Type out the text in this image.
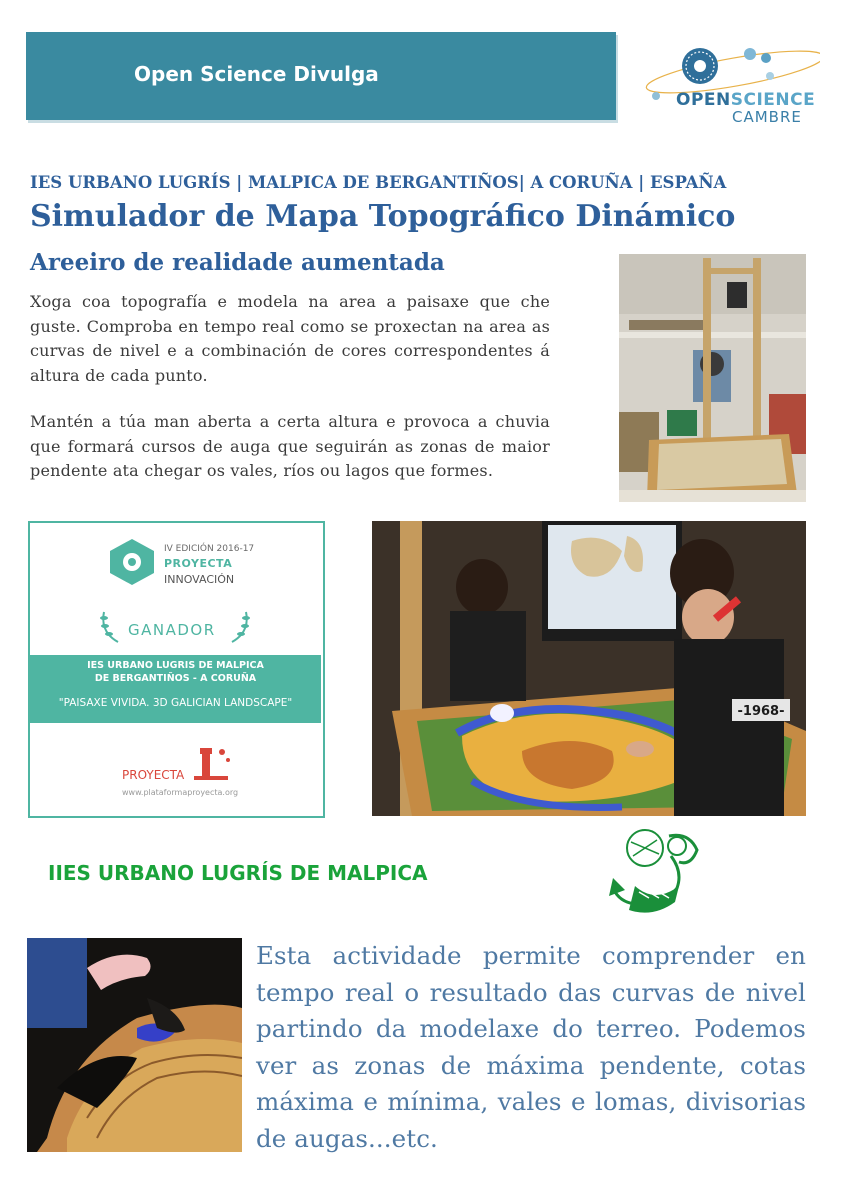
Open Science Divulga
OPENSCIENCE
CAMBRE
IES URBANO LUGRÍS | MALPICA DE BERGANTIÑOS| A CORUÑA | ESPAÑA
Simulador de Mapa Topográfico Dinámico
Areeiro de realidade aumentada
Xoga coa topografía e modela na area a paisaxe que che guste. Comproba en tempo real como se proxectan na area as curvas de nivel e a combinación de cores correspondentes á altura de cada punto.
Mantén a túa man aberta a certa altura e provoca a chuvia que formará cursos de auga que seguirán as zonas de maior pendente ata chegar os vales, ríos ou lagos que formes.
IV EDICIÓN 2016-17
PROYECTA
INNOVACIÓN
GANADOR
IES URBANO LUGRIS DE MALPICA
DE BERGANTIÑOS - A CORUÑA
"PAISAXE VIVIDA. 3D GALICIAN LANDSCAPE"
PROYECTA
www.plataformaproyecta.org
-1968-
IIES URBANO LUGRÍS DE MALPICA
Esta actividade permite comprender en tempo real o resultado das curvas de nivel partindo da modelaxe do terreo. Podemos ver as zonas de máxima pendente, cotas máxima e mínima, vales e lomas, divisorias de augas...etc.
